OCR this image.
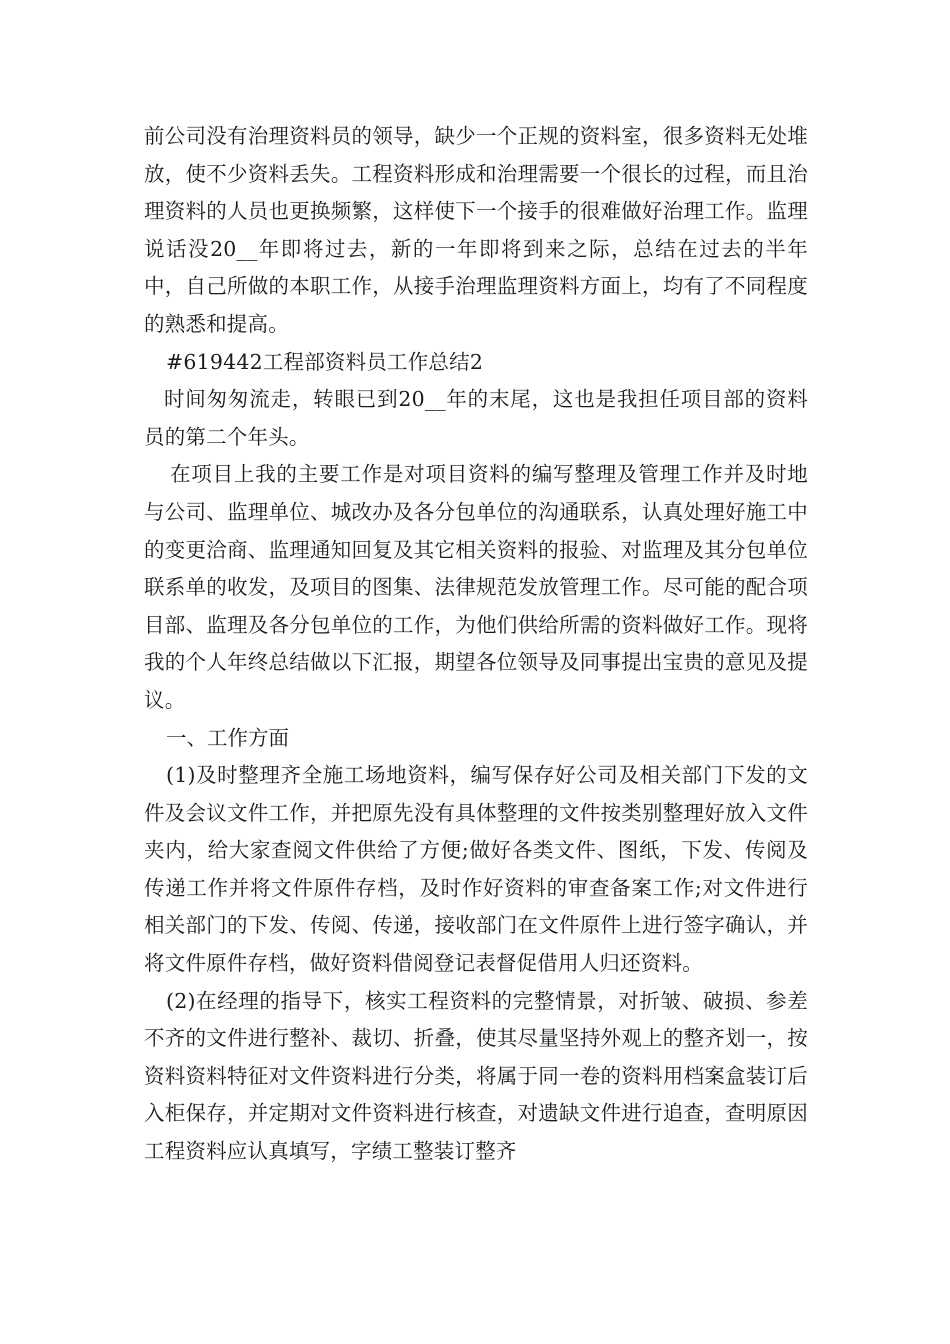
前公司没有治理资料员的领导，缺少一个正规的资料室，很多资料无处堆放，使不少资料丢失。工程资料形成和治理需要一个很长的过程，而且治理资料的人员也更换频繁，这样使下一个接手的很难做好治理工作。监理说话没20__年即将过去，新的一年即将到来之际，总结在过去的半年中，自己所做的本职工作，从接手治理监理资料方面上，均有了不同程度的熟悉和提高。

#619442工程部资料员工作总结2

时间匆匆流走，转眼已到20__年的末尾，这也是我担任项目部的资料员的第二个年头。

在项目上我的主要工作是对项目资料的编写整理及管理工作并及时地与公司、监理单位、城改办及各分包单位的沟通联系，认真处理好施工中的变更洽商、监理通知回复及其它相关资料的报验、对监理及其分包单位联系单的收发，及项目的图集、法律规范发放管理工作。尽可能的配合项目部、监理及各分包单位的工作，为他们供给所需的资料做好工作。现将我的个人年终总结做以下汇报，期望各位领导及同事提出宝贵的意见及提议。

一、工作方面

(1)及时整理齐全施工场地资料，编写保存好公司及相关部门下发的文件及会议文件工作，并把原先没有具体整理的文件按类别整理好放入文件夹内，给大家查阅文件供给了方便;做好各类文件、图纸，下发、传阅及传递工作并将文件原件存档，及时作好资料的审查备案工作;对文件进行相关部门的下发、传阅、传递，接收部门在文件原件上进行签字确认，并将文件原件存档，做好资料借阅登记表督促借用人归还资料。

(2)在经理的指导下，核实工程资料的完整情景，对折皱、破损、参差不齐的文件进行整补、裁切、折叠，使其尽量坚持外观上的整齐划一，按资料资料特征对文件资料进行分类，将属于同一卷的资料用档案盒装订后入柜保存，并定期对文件资料进行核查，对遗缺文件进行追查，查明原因工程资料应认真填写，字绩工整装订整齐
